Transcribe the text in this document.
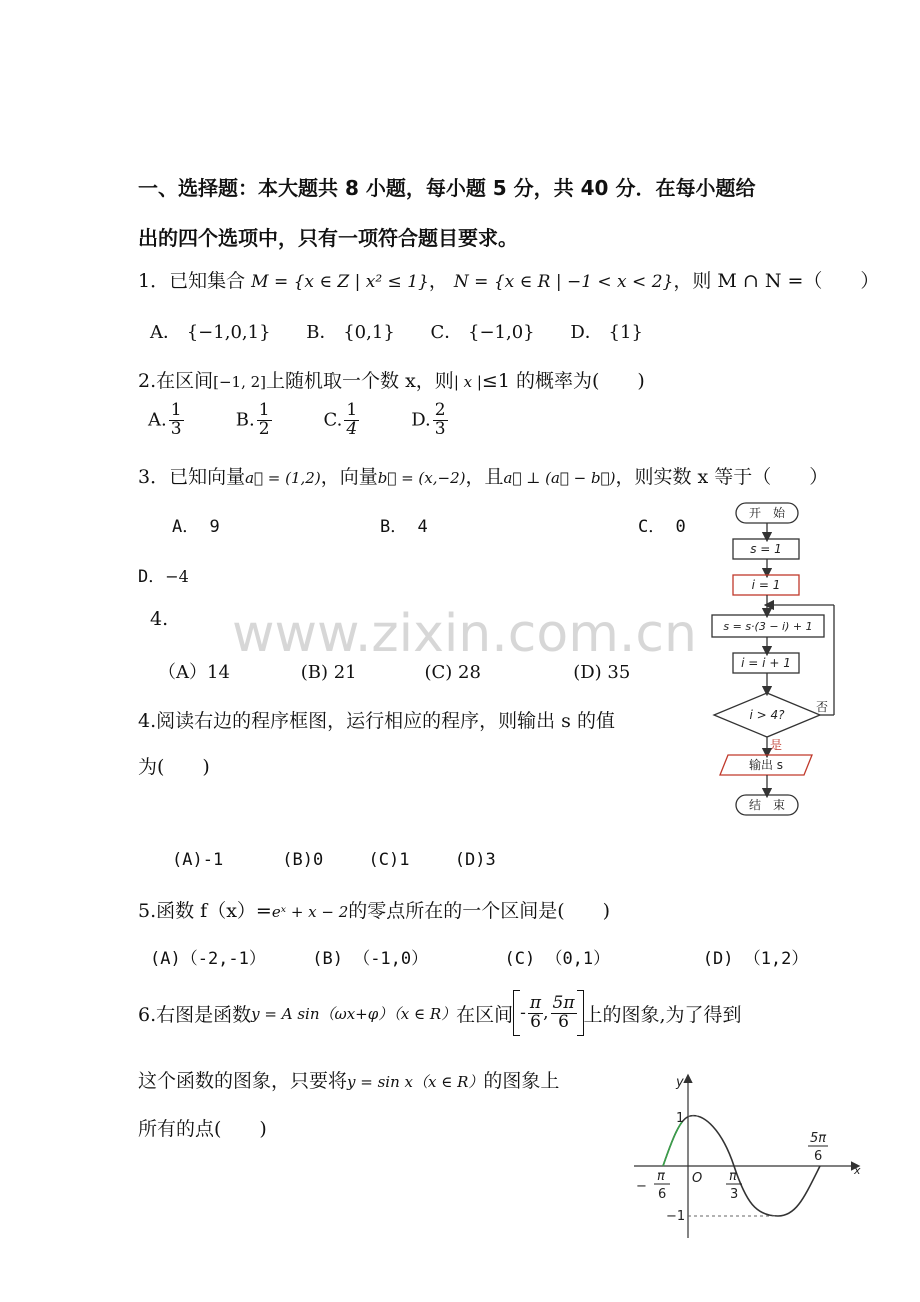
一、选择题：本大题共 8 小题，每小题 5 分，共 40 分．在每小题给
出的四个选项中，只有一项符合题目要求。
1．已知集合 M = {x ∈ Z | x² ≤ 1}， N = {x ∈ R | −1 < x < 2}，则 M ∩ N =（　　）
A． {−1,0,1} B． {0,1} C． {−1,0} D． {1}
2.在区间[−1, 2]上随机取一个数 x，则| x |≤1 的概率为(　　)
A. $\frac{1}{3}$	B. $\frac{1}{2}$	C. $\frac{1}{4}$	D. $\frac{2}{3}$
3．已知向量a⃗ = (1,2)，向量b⃗ = (x,−2)，且a⃗ ⊥ (a⃗ − b⃗)，则实数 x 等于（　　）
A． 9	B． 4	C． 0
D．−4
4. www.zixin.com.cn
（A）14	(B) 21	(C) 28	(D) 35
4.阅读右边的程序框图，运行相应的程序，则输出 s 的值
为(　　)
(A)-1	(B)0	(C)1	(D)3
开　始
s = 1
i = 1
s = s·(3 − i) + 1
i = i + 1
i > 4?
否
是
输出 s
结　束
5.函数 f（x）=eˣ + x − 2的零点所在的一个区间是(　　)
(A)（-2,-1）	(B) （-1,0）	(C) （0,1）	(D) （1,2）
6.右图是函数 y = A sin（ωx+φ）（x ∈ R） 在区间 - $\frac{\pi}{6}$ , $\frac{5\pi}{6}$ 上的图象,为了得到
这个函数的图象，只要将y = sin x（x ∈ R）的图象上
所有的点(　　)
y
x
O
1
−1
−
π
6
π
3
5π
6
